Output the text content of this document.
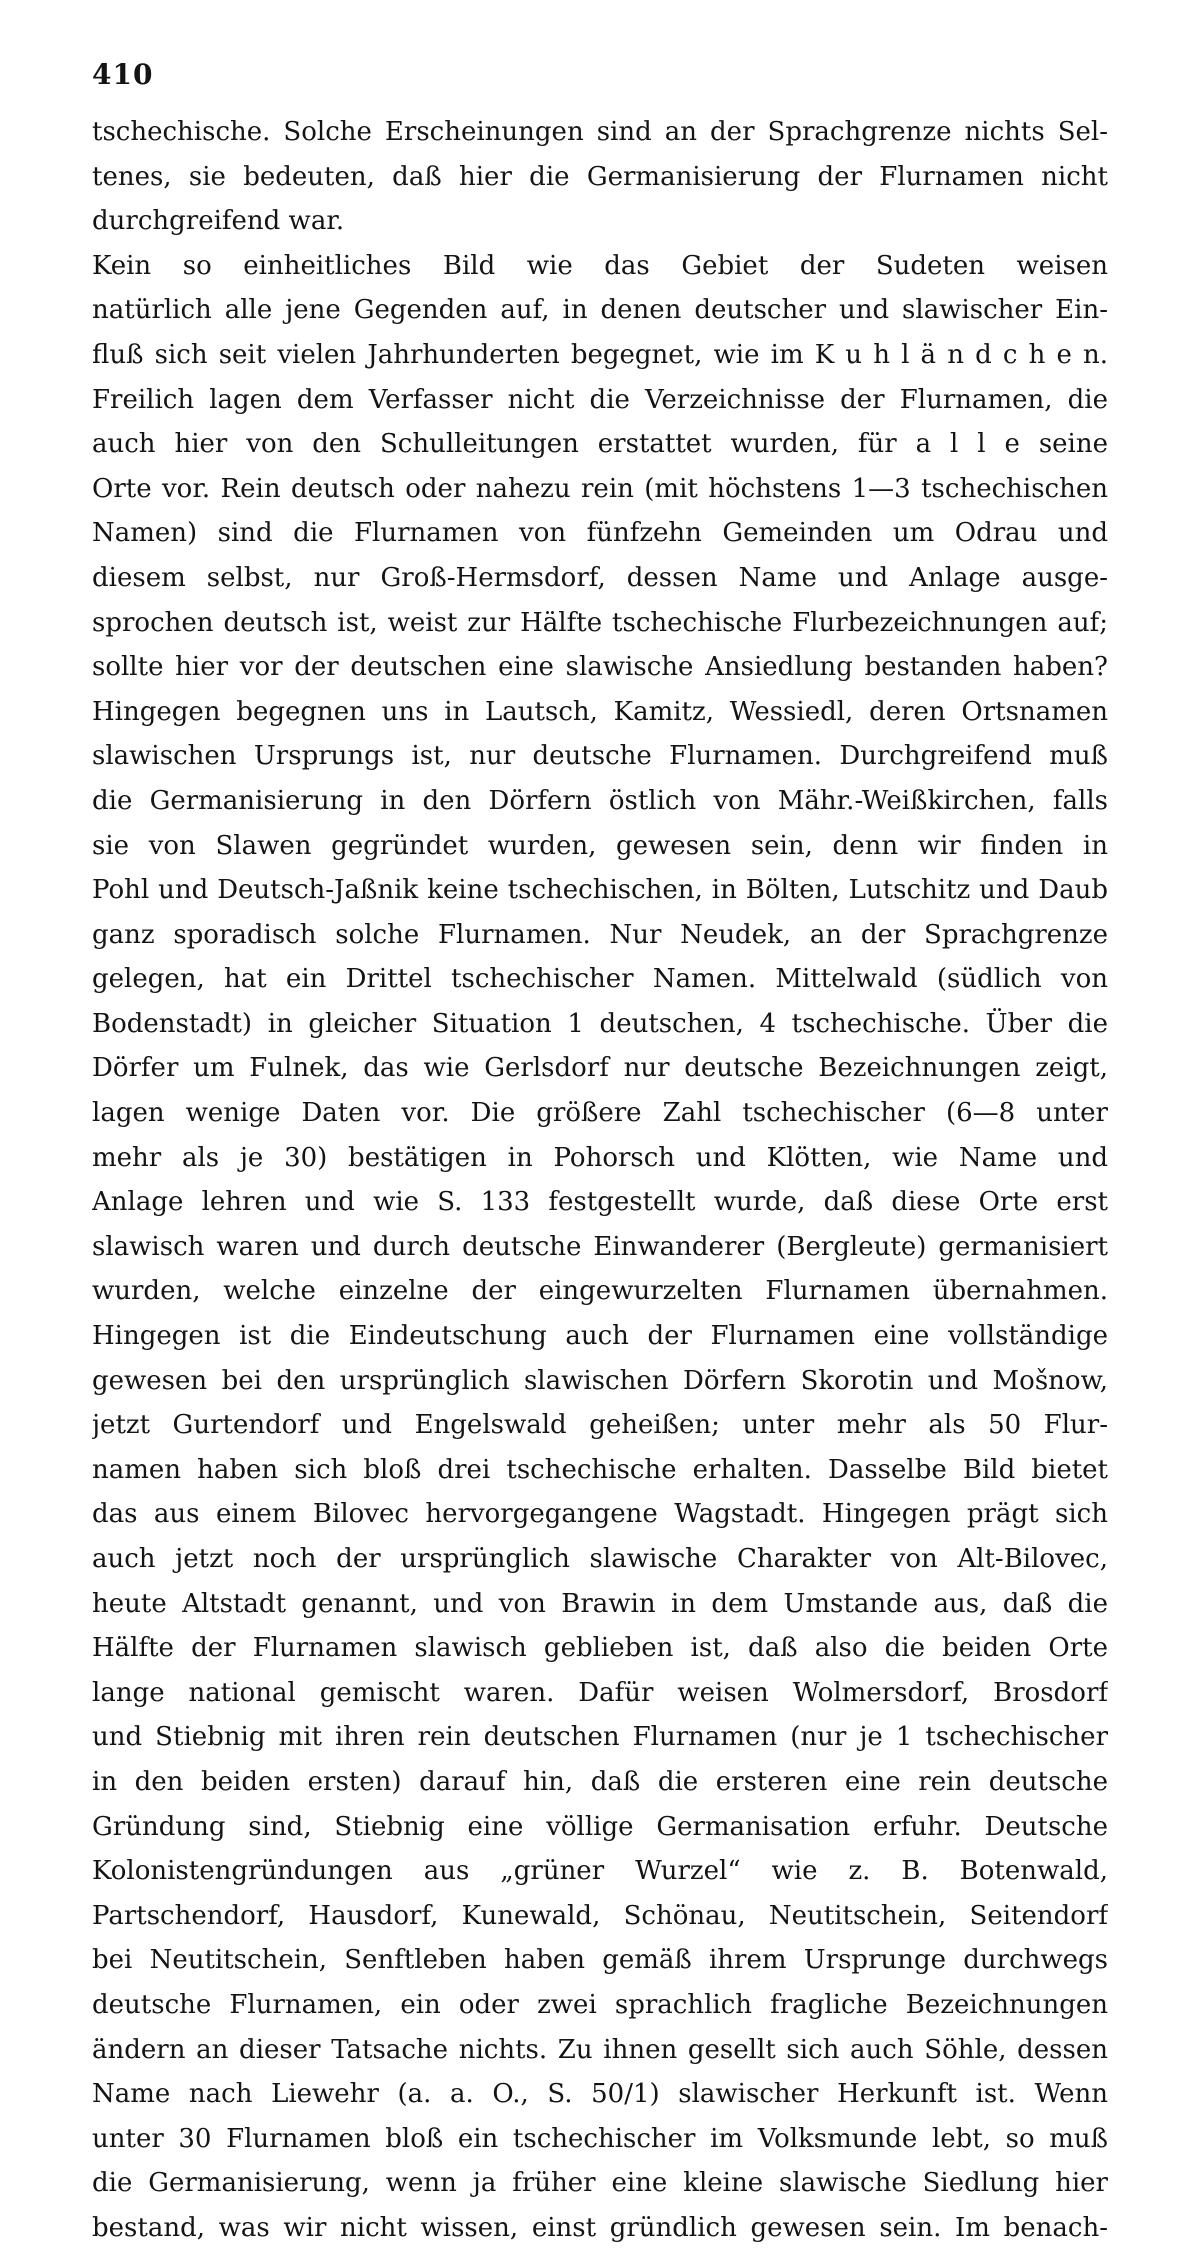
410
tschechische. Solche Erscheinungen sind an der Sprachgrenze nichts Sel-
tenes, sie bedeuten, daß hier die Germanisierung der Flurnamen nicht
durchgreifend war.
Kein so einheitliches Bild wie das Gebiet der Sudeten weisen
natürlich alle jene Gegenden auf, in denen deutscher und slawischer Ein-
fluß sich seit vielen Jahrhunderten begegnet, wie im K u h l ä n d c h e n.
Freilich lagen dem Verfasser nicht die Verzeichnisse der Flurnamen, die
auch hier von den Schulleitungen erstattet wurden, für a l l e seine
Orte vor. Rein deutsch oder nahezu rein (mit höchstens 1—3 tschechischen
Namen) sind die Flurnamen von fünfzehn Gemeinden um Odrau und
diesem selbst, nur Groß-Hermsdorf, dessen Name und Anlage ausge-
sprochen deutsch ist, weist zur Hälfte tschechische Flurbezeichnungen auf;
sollte hier vor der deutschen eine slawische Ansiedlung bestanden haben?
Hingegen begegnen uns in Lautsch, Kamitz, Wessiedl, deren Ortsnamen
slawischen Ursprungs ist, nur deutsche Flurnamen. Durchgreifend muß
die Germanisierung in den Dörfern östlich von Mähr.-Weißkirchen, falls
sie von Slawen gegründet wurden, gewesen sein, denn wir finden in
Pohl und Deutsch-Jaßnik keine tschechischen, in Bölten, Lutschitz und Daub
ganz sporadisch solche Flurnamen. Nur Neudek, an der Sprachgrenze
gelegen, hat ein Drittel tschechischer Namen. Mittelwald (südlich von
Bodenstadt) in gleicher Situation 1 deutschen, 4 tschechische. Über die
Dörfer um Fulnek, das wie Gerlsdorf nur deutsche Bezeichnungen zeigt,
lagen wenige Daten vor. Die größere Zahl tschechischer (6—8 unter
mehr als je 30) bestätigen in Pohorsch und Klötten, wie Name und
Anlage lehren und wie S. 133 festgestellt wurde, daß diese Orte erst
slawisch waren und durch deutsche Einwanderer (Bergleute) germanisiert
wurden, welche einzelne der eingewurzelten Flurnamen übernahmen.
Hingegen ist die Eindeutschung auch der Flurnamen eine vollständige
gewesen bei den ursprünglich slawischen Dörfern Skorotin und Mošnow,
jetzt Gurtendorf und Engelswald geheißen; unter mehr als 50 Flur-
namen haben sich bloß drei tschechische erhalten. Dasselbe Bild bietet
das aus einem Bilovec hervorgegangene Wagstadt. Hingegen prägt sich
auch jetzt noch der ursprünglich slawische Charakter von Alt-Bilovec,
heute Altstadt genannt, und von Brawin in dem Umstande aus, daß die
Hälfte der Flurnamen slawisch geblieben ist, daß also die beiden Orte
lange national gemischt waren. Dafür weisen Wolmersdorf, Brosdorf
und Stiebnig mit ihren rein deutschen Flurnamen (nur je 1 tschechischer
in den beiden ersten) darauf hin, daß die ersteren eine rein deutsche
Gründung sind, Stiebnig eine völlige Germanisation erfuhr. Deutsche
Kolonistengründungen aus „grüner Wurzel“ wie z. B. Botenwald,
Partschendorf, Hausdorf, Kunewald, Schönau, Neutitschein, Seitendorf
bei Neutitschein, Senftleben haben gemäß ihrem Ursprunge durchwegs
deutsche Flurnamen, ein oder zwei sprachlich fragliche Bezeichnungen
ändern an dieser Tatsache nichts. Zu ihnen gesellt sich auch Söhle, dessen
Name nach Liewehr (a. a. O., S. 50/1) slawischer Herkunft ist. Wenn
unter 30 Flurnamen bloß ein tschechischer im Volksmunde lebt, so muß
die Germanisierung, wenn ja früher eine kleine slawische Siedlung hier
bestand, was wir nicht wissen, einst gründlich gewesen sein. Im benach-
